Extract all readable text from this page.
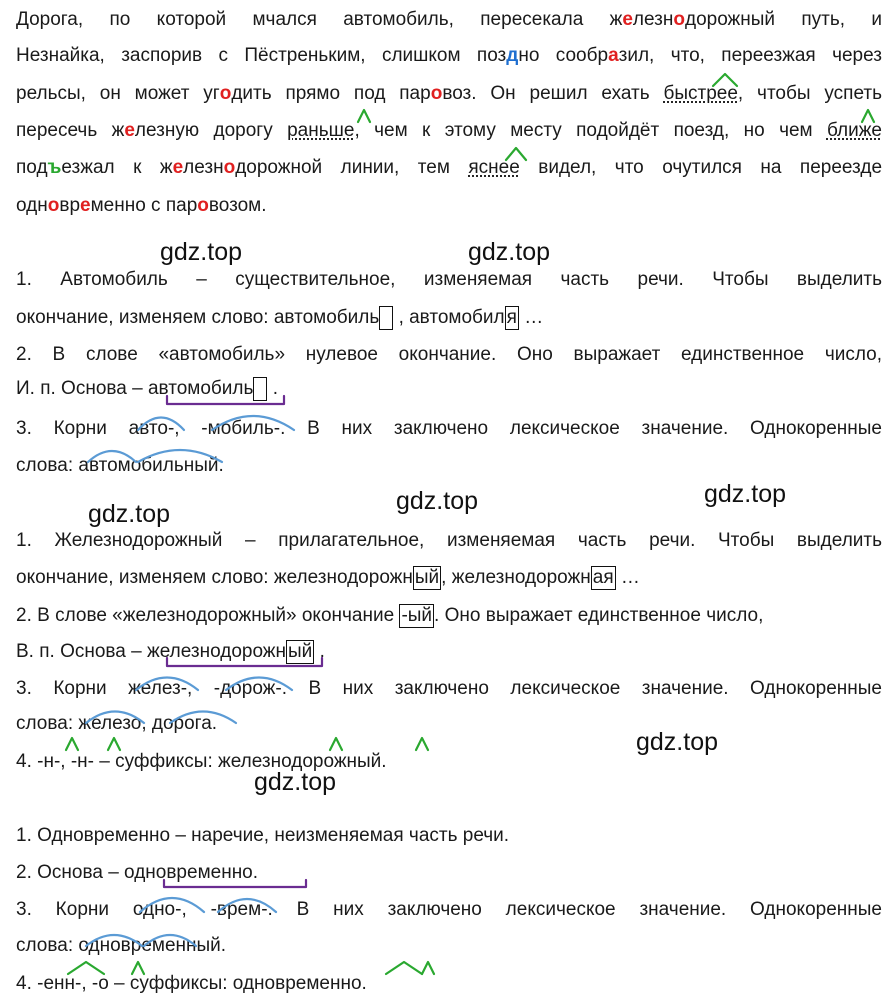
Дорога, по которой мчался автомобиль, пересекала железнодорожный путь, и
Незнайка, заспорив с Пёстреньким, слишком поздно сообразил, что, переезжая через
рельсы, он может угодить прямо под паровоз. Он решил ехать быстрее, чтобы успеть
пересечь железную дорогу раньше, чем к этому месту подойдёт поезд, но чем ближе
подъезжал к железнодорожной линии, тем яснее видел, что очутился на переезде
одновременно с паровозом.
gdz.top	gdz.top
gdz.top	gdz.top
gdz.top
gdz.top
gdz.top
1. Автомобиль – существительное, изменяемая часть речи. Чтобы выделить
окончание, изменяем слово: автомобиль , автомобил я …
2. В слове «автомобиль» нулевое окончание. Оно выражает единственное число,
И. п. Основа – автомобиль .
3. Корни авто-, -мобиль-. В них заключено лексическое значение. Однокоренные
слова: автомобильный.
1. Железнодорожный – прилагательное, изменяемая часть речи. Чтобы выделить
окончание, изменяем слово: железнодорожн ый , железнодорожн ая …
2. В слове «железнодорожный» окончание -ый . Оно выражает единственное число,
В. п. Основа – железнодорожн ый .
3. Корни желез-, -дорож-. В них заключено лексическое значение. Однокоренные
слова: железо, дорога.
4. -н-, -н- – суффиксы: железнодорожный.
1. Одновременно – наречие, неизменяемая часть речи.
2. Основа – одновременно.
3. Корни одно-, -врем-. В них заключено лексическое значение. Однокоренные
слова: одновременный.
4. -енн-, -о – суффиксы: одновременно.
